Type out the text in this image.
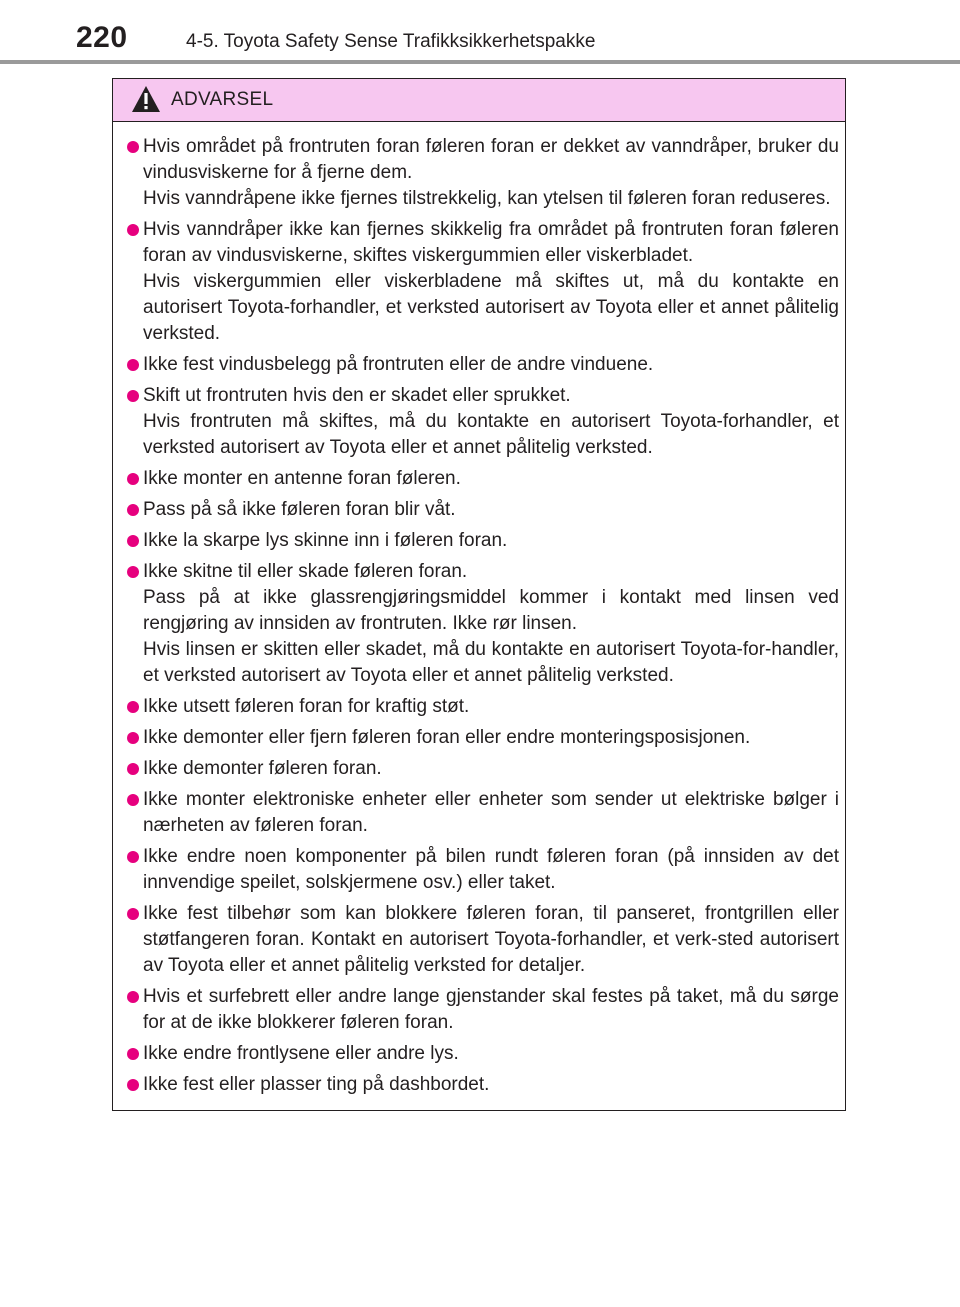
220	4-5. Toyota Safety Sense Trafikksikkerhetspakke
ADVARSEL
Hvis området på frontruten foran føleren foran er dekket av vanndråper, bruker du vindusviskerne for å fjerne dem.
Hvis vanndråpene ikke fjernes tilstrekkelig, kan ytelsen til føleren foran reduseres.
Hvis vanndråper ikke kan fjernes skikkelig fra området på frontruten foran føleren foran av vindusviskerne, skiftes viskergummien eller viskerbladet.
Hvis viskergummien eller viskerbladene må skiftes ut, må du kontakte en autorisert Toyota-forhandler, et verksted autorisert av Toyota eller et annet pålitelig verksted.
Ikke fest vindusbelegg på frontruten eller de andre vinduene.
Skift ut frontruten hvis den er skadet eller sprukket.
Hvis frontruten må skiftes, må du kontakte en autorisert Toyota-forhandler, et verksted autorisert av Toyota eller et annet pålitelig verksted.
Ikke monter en antenne foran føleren.
Pass på så ikke føleren foran blir våt.
Ikke la skarpe lys skinne inn i føleren foran.
Ikke skitne til eller skade føleren foran.
Pass på at ikke glassrengjøringsmiddel kommer i kontakt med linsen ved rengjøring av innsiden av frontruten. Ikke rør linsen.
Hvis linsen er skitten eller skadet, må du kontakte en autorisert Toyota-for-handler, et verksted autorisert av Toyota eller et annet pålitelig verksted.
Ikke utsett føleren foran for kraftig støt.
Ikke demonter eller fjern føleren foran eller endre monteringsposisjonen.
Ikke demonter føleren foran.
Ikke monter elektroniske enheter eller enheter som sender ut elektriske bølger i nærheten av føleren foran.
Ikke endre noen komponenter på bilen rundt føleren foran (på innsiden av det innvendige speilet, solskjermene osv.) eller taket.
Ikke fest tilbehør som kan blokkere føleren foran, til panseret, frontgrillen eller støtfangeren foran. Kontakt en autorisert Toyota-forhandler, et verk-sted autorisert av Toyota eller et annet pålitelig verksted for detaljer.
Hvis et surfebrett eller andre lange gjenstander skal festes på taket, må du sørge for at de ikke blokkerer føleren foran.
Ikke endre frontlysene eller andre lys.
Ikke fest eller plasser ting på dashbordet.
